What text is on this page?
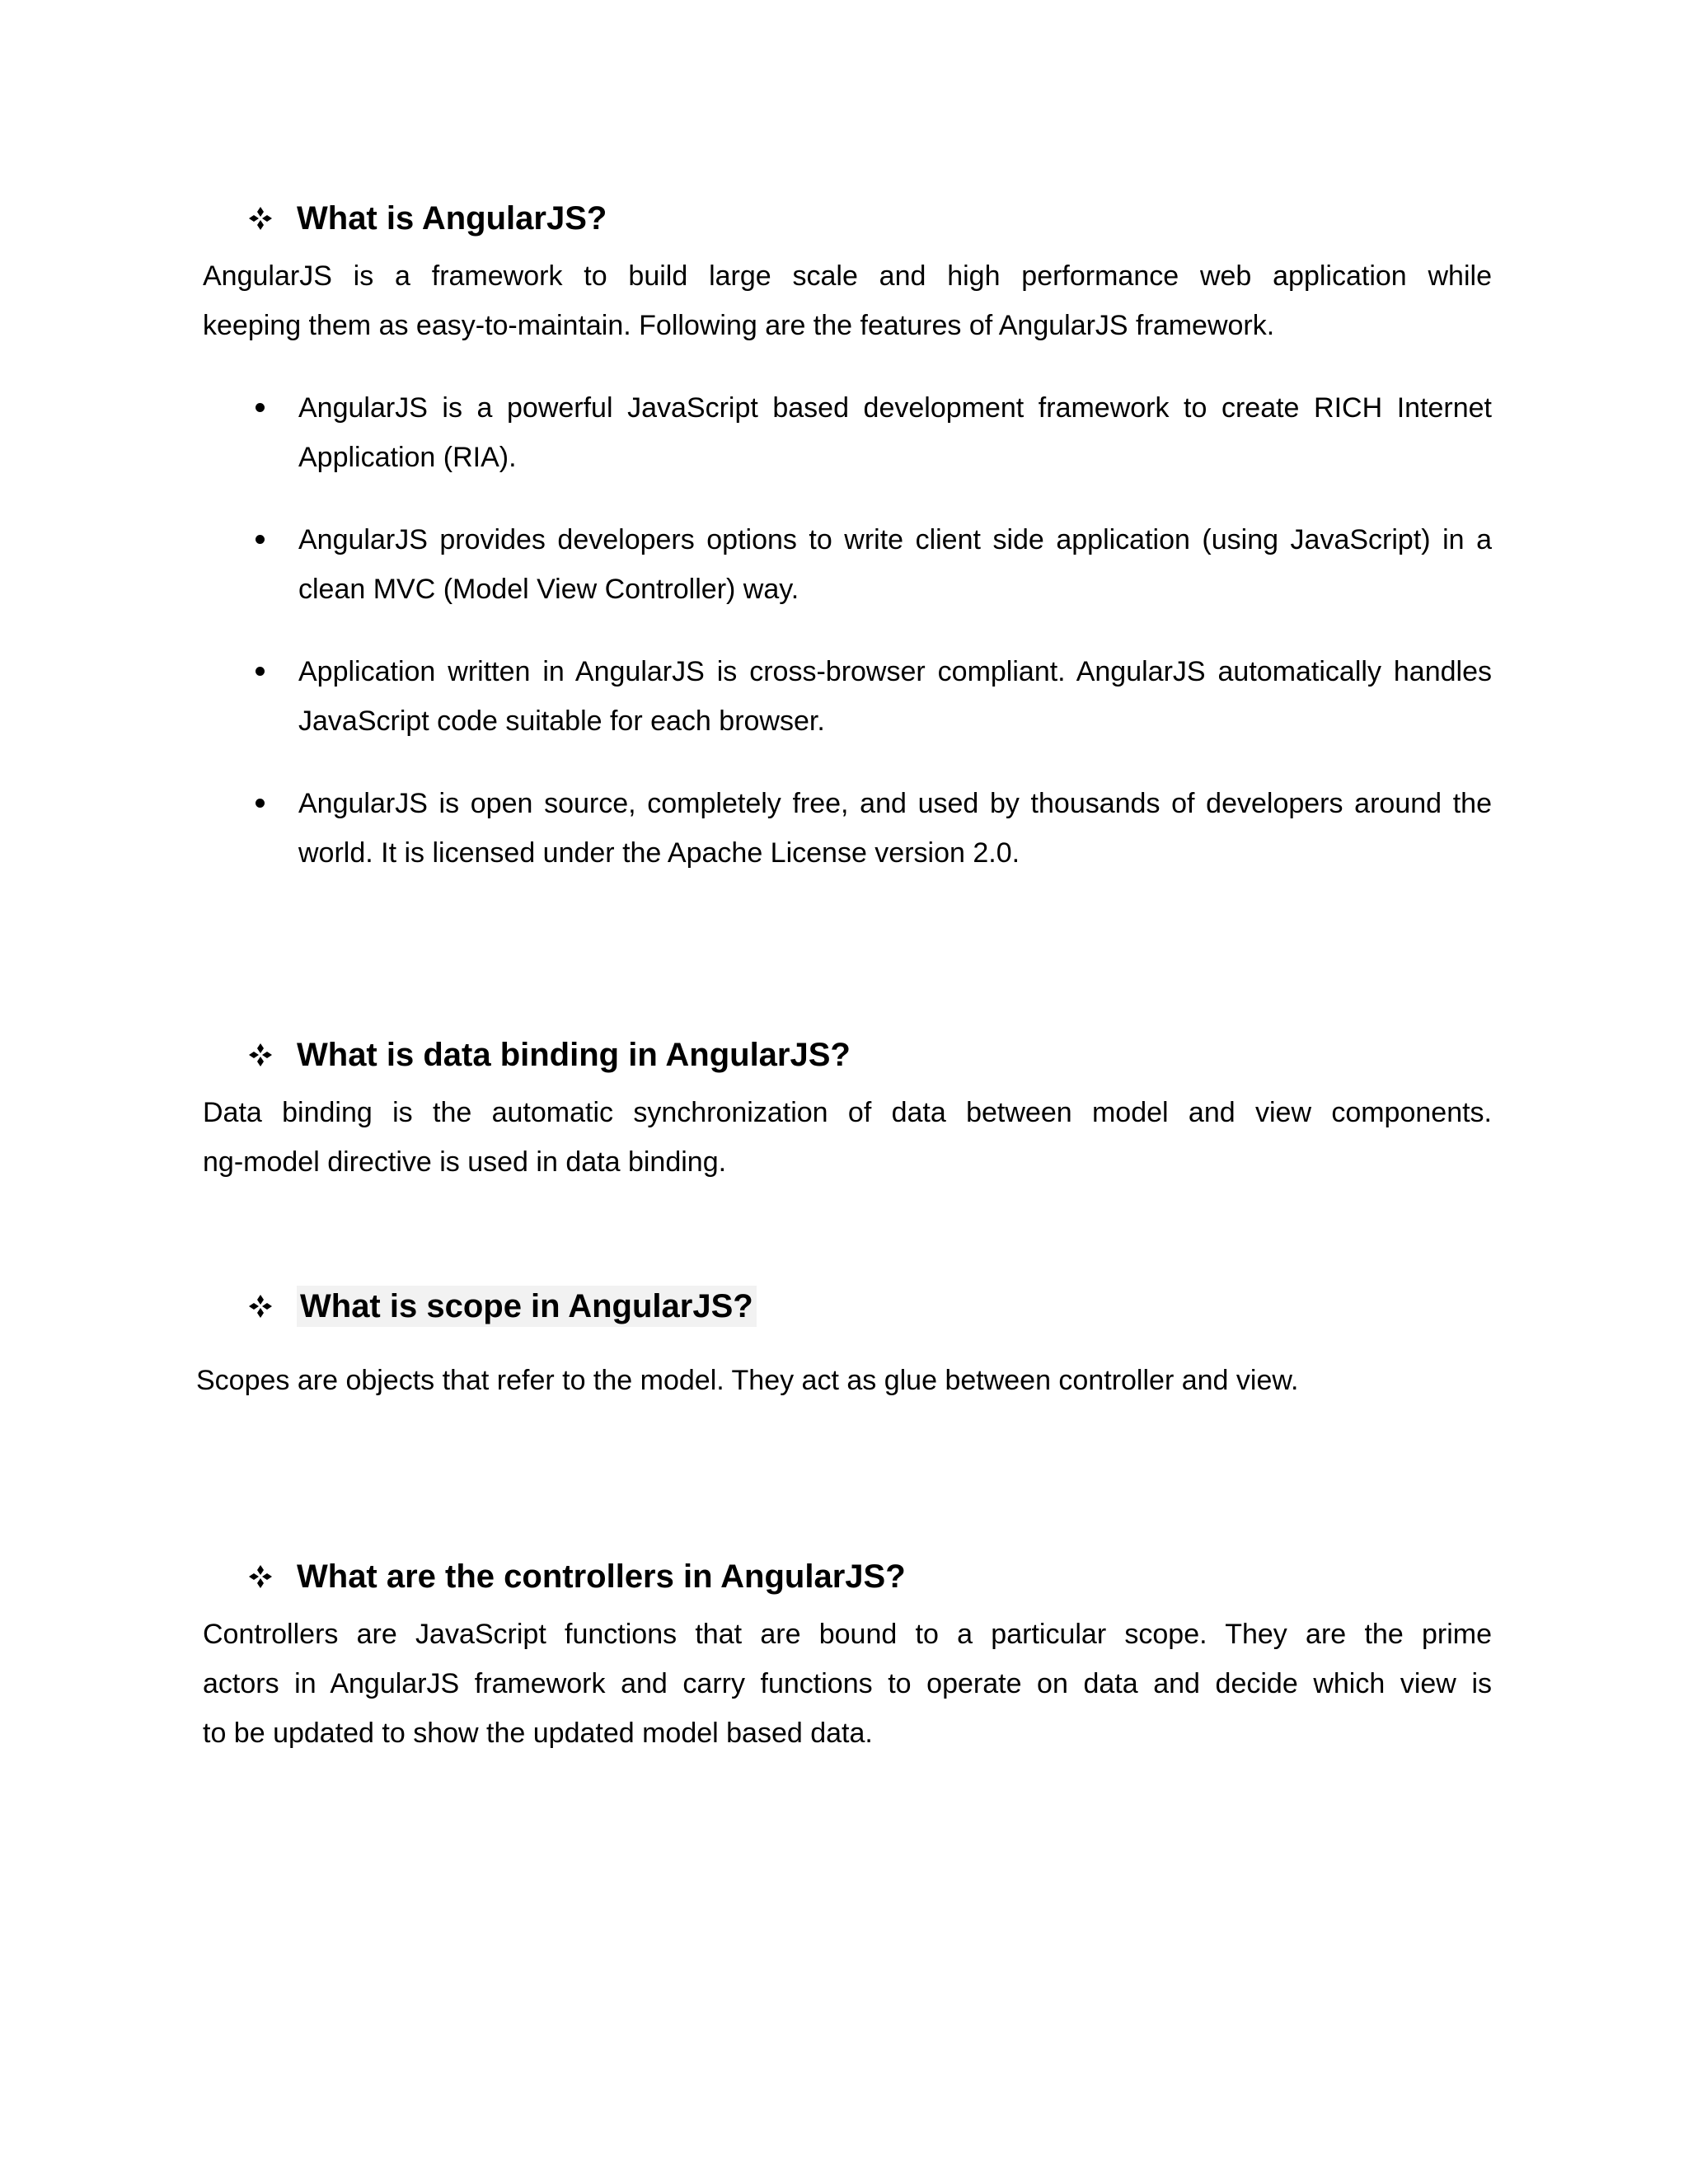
What is AngularJS?
AngularJS is a framework to build large scale and high performance web application while
keeping them as easy-to-maintain. Following are the features of AngularJS framework.
AngularJS is a powerful JavaScript based development framework to create RICH Internet Application (RIA).
AngularJS provides developers options to write client side application (using JavaScript) in a clean MVC (Model View Controller) way.
Application written in AngularJS is cross-browser compliant. AngularJS automatically handles JavaScript code suitable for each browser.
AngularJS is open source, completely free, and used by thousands of developers around the world. It is licensed under the Apache License version 2.0.
What is data binding in AngularJS?
Data binding is the automatic synchronization of data between model and view components.
ng-model directive is used in data binding.
What is scope in AngularJS?
Scopes are objects that refer to the model. They act as glue between controller and view.
What are the controllers in AngularJS?
Controllers are JavaScript functions that are bound to a particular scope. They are the prime
actors in AngularJS framework and carry functions to operate on data and decide which view is
to be updated to show the updated model based data.
